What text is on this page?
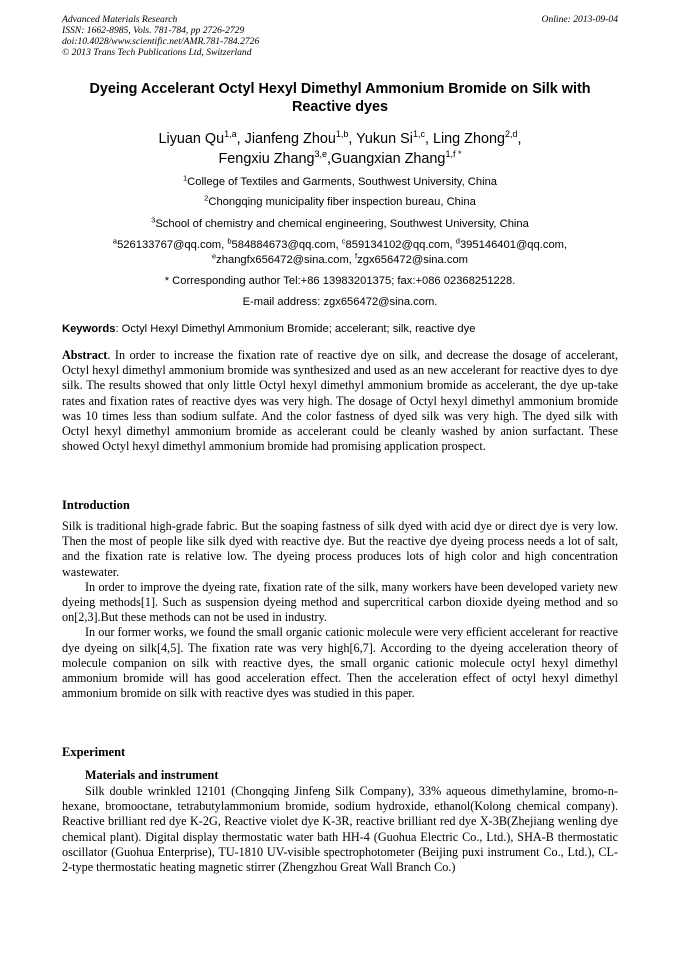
Advanced Materials Research
ISSN: 1662-8985, Vols. 781-784, pp 2726-2729
doi:10.4028/www.scientific.net/AMR.781-784.2726
© 2013 Trans Tech Publications Ltd, Switzerland
Online: 2013-09-04
Dyeing Accelerant Octyl Hexyl Dimethyl Ammonium Bromide on Silk with Reactive dyes
Liyuan Qu$^{1,a}$, Jianfeng Zhou$^{1,b}$, Yukun Si$^{1,c}$, Ling Zhong$^{2,d}$,
Fengxiu Zhang$^{3,e}$,Guangxian Zhang$^{1,f *}$
$^1$College of Textiles and Garments, Southwest University, China
$^2$Chongqing municipality fiber inspection bureau, China
$^3$School of chemistry and chemical engineering, Southwest University, China
$^a$526133767@qq.com, $^b$584884673@qq.com, $^c$859134102@qq.com, $^d$395146401@qq.com,
$^e$zhangfx656472@sina.com, $^f$zgx656472@sina.com
* Corresponding author Tel:+86 13983201375; fax:+086 02368251228.
E-mail address: zgx656472@sina.com.
Keywords: Octyl Hexyl Dimethyl Ammonium Bromide; accelerant; silk, reactive dye
Abstract. In order to increase the fixation rate of reactive dye on silk, and decrease the dosage of accelerant, Octyl hexyl dimethyl ammonium bromide was synthesized and used as an new accelerant for reactive dyes to dye silk. The results showed that only little Octyl hexyl dimethyl ammonium bromide as accelerant, the dye up-take rates and fixation rates of reactive dyes was very high. The dosage of Octyl hexyl dimethyl ammonium bromide was 10 times less than sodium sulfate. And the color fastness of dyed silk was very high. The dyed silk with Octyl hexyl dimethyl ammonium bromide as accelerant could be cleanly washed by anion surfactant. These showed Octyl hexyl dimethyl ammonium bromide had promising application prospect.
Introduction

Silk is traditional high-grade fabric. But the soaping fastness of silk dyed with acid dye or direct dye is very low. Then the most of people like silk dyed with reactive dye. But the reactive dye dyeing process needs a lot of salt, and the fixation rate is relative low. The dyeing process produces lots of high color and high concentration wastewater.

In order to improve the dyeing rate, fixation rate of the silk, many workers have been developed variety new dyeing methods[1]. Such as suspension dyeing method and supercritical carbon dioxide dyeing method and so on[2,3].But these methods can not be used in industry.

In our former works, we found the small organic cationic molecule were very efficient accelerant for reactive dye dyeing on silk[4,5]. The fixation rate was very high[6,7]. According to the dyeing acceleration theory of molecule companion on silk with reactive dyes, the small organic cationic molecule octyl hexyl dimethyl ammonium bromide will has good acceleration effect. Then the acceleration effect of octyl hexyl dimethyl ammonium bromide on silk with reactive dyes was studied in this paper.

Experiment
Materials and instrument
Silk double wrinkled 12101 (Chongqing Jinfeng Silk Company), 33% aqueous dimethylamine, bromo-n-hexane, bromooctane, tetrabutylammonium bromide, sodium hydroxide, ethanol(Kolong chemical company). Reactive brilliant red dye K-2G, Reactive violet dye K-3R, reactive brilliant red dye X-3B(Zhejiang wenling dye chemical plant). Digital display thermostatic water bath HH-4 (Guohua Electric Co., Ltd.), SHA-B thermostatic oscillator (Guohua Enterprise), TU-1810 UV-visible spectrophotometer (Beijing puxi instrument Co., Ltd.), CL-2-type thermostatic heating magnetic stirrer (Zhengzhou Great Wall Branch Co.)
